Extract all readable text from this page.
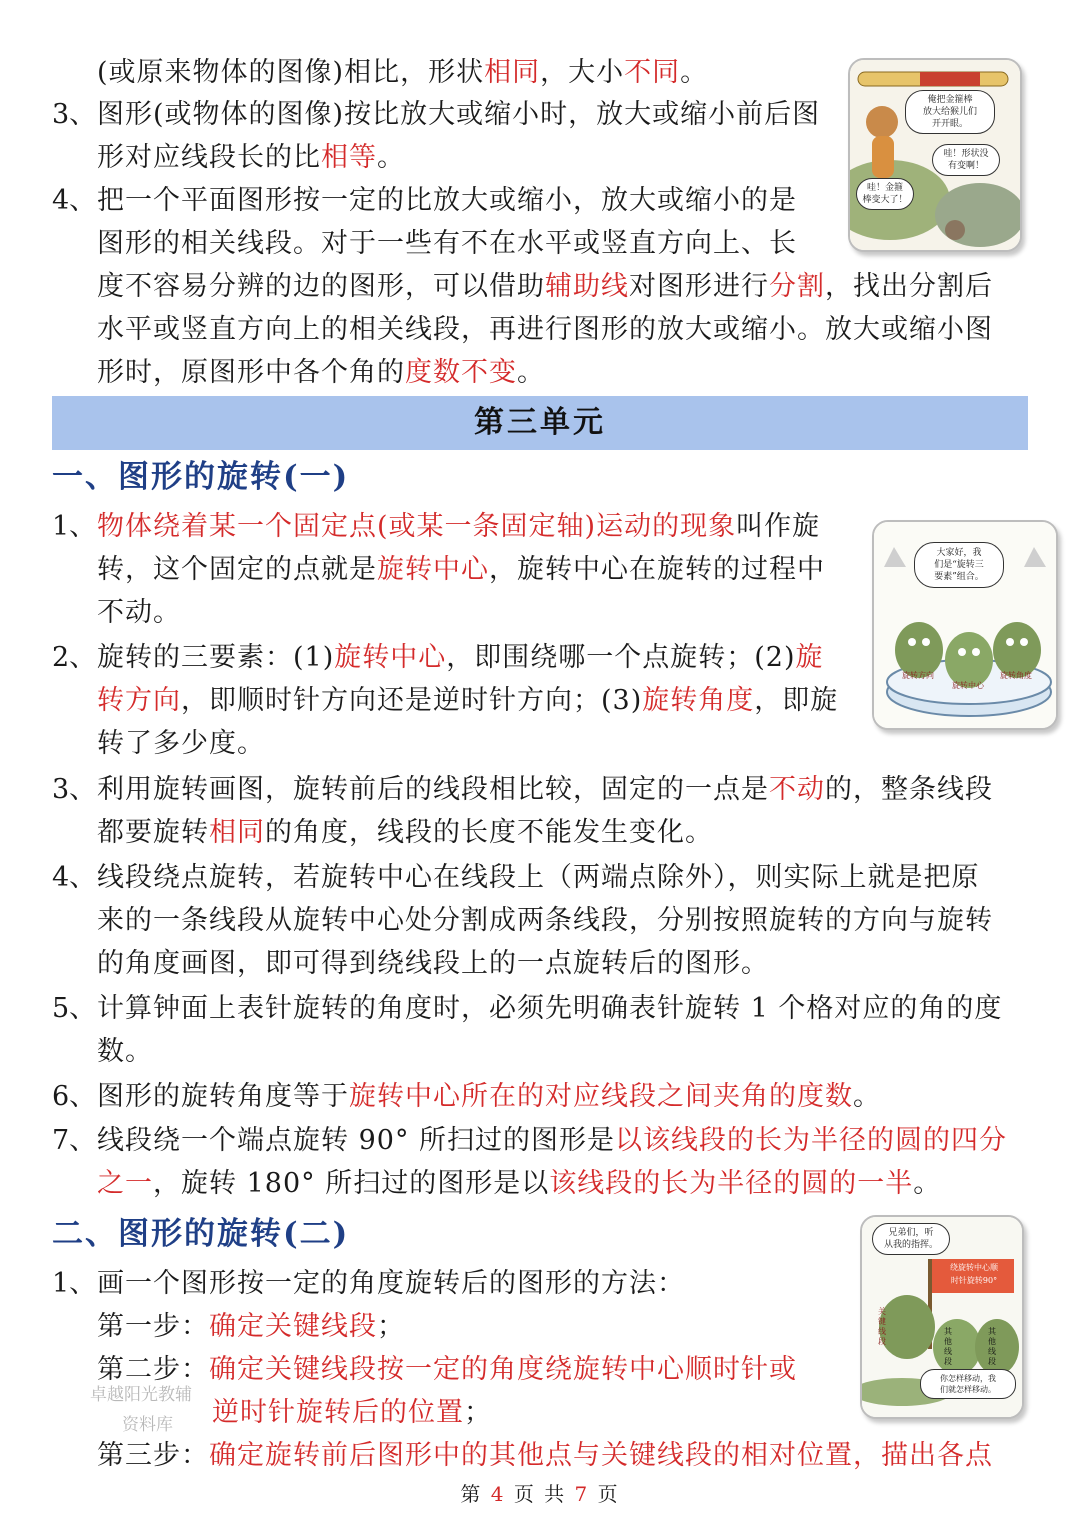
(或原来物体的图像)相比，形状相同，大小不同。
3、 图形(或物体的图像)按比放大或缩小时，放大或缩小前后图
形对应线段长的比相等。
4、 把一个平面图形按一定的比放大或缩小，放大或缩小的是
图形的相关线段。对于一些有不在水平或竖直方向上、长
度不容易分辨的边的图形，可以借助辅助线对图形进行分割，找出分割后
水平或竖直方向上的相关线段，再进行图形的放大或缩小。放大或缩小图
形时，原图形中各个角的度数不变。
俺把金箍棒
放大给猴儿们
开开眼。
哇！形状没
有变啊！
哇！金箍
棒变大了！
第三单元
一、图形的旋转(一)
1、 物体绕着某一个固定点(或某一条固定轴)运动的现象叫作旋
转，这个固定的点就是旋转中心，旋转中心在旋转的过程中
不动。
2、 旋转的三要素：(1)旋转中心，即围绕哪一个点旋转；(2)旋
转方向，即顺时针方向还是逆时针方向；(3)旋转角度，即旋
转了多少度。
3、 利用旋转画图，旋转前后的线段相比较，固定的一点是不动的，整条线段
都要旋转相同的角度，线段的长度不能发生变化。
4、 线段绕点旋转，若旋转中心在线段上（两端点除外），则实际上就是把原
来的一条线段从旋转中心处分割成两条线段，分别按照旋转的方向与旋转
的角度画图，即可得到绕线段上的一点旋转后的图形。
5、 计算钟面上表针旋转的角度时，必须先明确表针旋转 1 个格对应的角的度
数。
6、 图形的旋转角度等于旋转中心所在的对应线段之间夹角的度数。
7、 线段绕一个端点旋转 90° 所扫过的图形是以该线段的长为半径的圆的四分
之一，旋转 180° 所扫过的图形是以该线段的长为半径的圆的一半。
大家好，我
们是“旋转三
要素”组合。
旋转方向
旋转中心
旋转角度
二、图形的旋转(二)
1、 画一个图形按一定的角度旋转后的图形的方法：
第一步：确定关键线段；
第二步：确定关键线段按一定的角度绕旋转中心顺时针或
逆时针旋转后的位置；
第三步：确定旋转前后图形中的其他点与关键线段的相对位置，描出各点
兄弟们，听
从我的指挥。
绕旋转中心顺
时针旋转90°
关键线段
其他线段
其他线段
你怎样移动，我
们就怎样移动。
卓越阳光教辅
资料库
第 4 页 共 7 页
